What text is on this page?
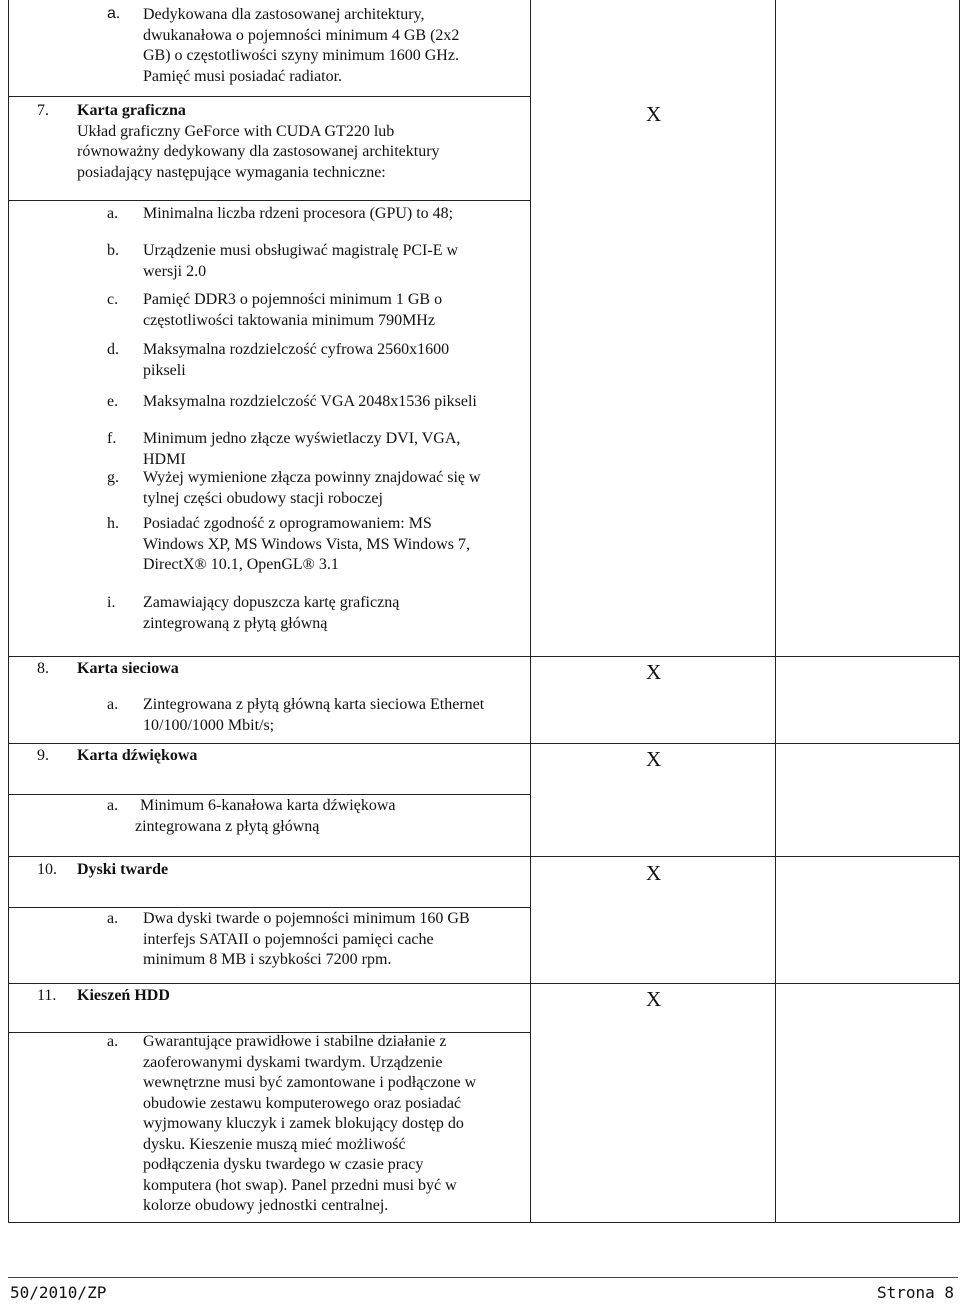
a. Dedykowana dla zastosowanej architektury,
dwukanałowa o pojemności minimum 4 GB (2x2
GB) o częstotliwości szyny minimum 1600 GHz.
Pamięć musi posiadać radiator.
7. Karta graficzna
Układ graficzny GeForce with CUDA GT220 lub
równoważny dedykowany dla zastosowanej architektury
posiadający następujące wymagania techniczne:
X
a. Minimalna liczba rdzeni procesora (GPU) to 48;
b. Urządzenie musi obsługiwać magistralę PCI-E w
wersji 2.0
c. Pamięć DDR3 o pojemności minimum 1 GB o
częstotliwości taktowania minimum 790MHz
d. Maksymalna rozdzielczość cyfrowa 2560x1600
pikseli
e. Maksymalna rozdzielczość VGA 2048x1536 pikseli
f. Minimum jedno złącze wyświetlaczy DVI, VGA,
HDMI
g. Wyżej wymienione złącza powinny znajdować się w
tylnej części obudowy stacji roboczej
h. Posiadać zgodność z oprogramowaniem: MS
Windows XP, MS Windows Vista, MS Windows 7,
DirectX® 10.1, OpenGL® 3.1
i. Zamawiający dopuszcza kartę graficzną
zintegrowaną z płytą główną
8. Karta sieciowa	X
a. Zintegrowana z płytą główną karta sieciowa Ethernet
10/100/1000 Mbit/s;
9. Karta dźwiękowa	X
a. Minimum 6-kanałowa karta dźwiękowa
zintegrowana z płytą główną
10. Dyski twarde	X
a. Dwa dyski twarde o pojemności minimum 160 GB
interfejs SATAII o pojemności pamięci cache
minimum 8 MB i szybkości 7200 rpm.
11. Kieszeń HDD	X
a. Gwarantujące prawidłowe i stabilne działanie z
zaoferowanymi dyskami twardym. Urządzenie
wewnętrzne musi być zamontowane i podłączone w
obudowie zestawu komputerowego oraz posiadać
wyjmowany kluczyk i zamek blokujący dostęp do
dysku. Kieszenie muszą mieć możliwość
podłączenia dysku twardego w czasie pracy
komputera (hot swap). Panel przedni musi być w
kolorze obudowy jednostki centralnej.
50/2010/ZP	Strona 8
